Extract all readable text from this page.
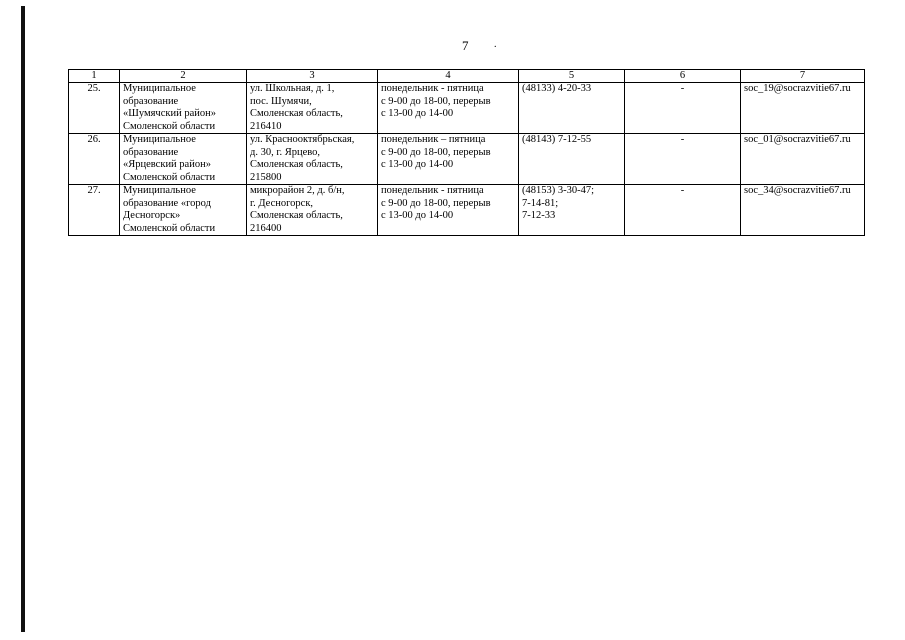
7	.
1	2	3	4	5	6	7
25.	Муниципальное
образование
«Шумячский район»
Смоленской области	ул. Школьная, д. 1,
пос. Шумячи,
Смоленская область,
216410	понедельник - пятница
с 9-00 до 18-00, перерыв
с 13-00 до 14-00	(48133) 4-20-33	-	soc_19@socrazvitie67.ru
26.	Муниципальное
образование
«Ярцевский район»
Смоленской области	ул. Краснооктябрьская,
д. 30, г. Ярцево,
Смоленская область,
215800	понедельник – пятница
с 9-00 до 18-00, перерыв
с 13-00 до 14-00	(48143) 7-12-55	-	soc_01@socrazvitie67.ru
27.	Муниципальное
образование «город
Десногорск»
Смоленской области	микрорайон 2, д. б/н,
г. Десногорск,
Смоленская область,
216400	понедельник - пятница
с 9-00 до 18-00, перерыв
с 13-00 до 14-00	(48153) 3-30-47;
7-14-81;
7-12-33	-	soc_34@socrazvitie67.ru
